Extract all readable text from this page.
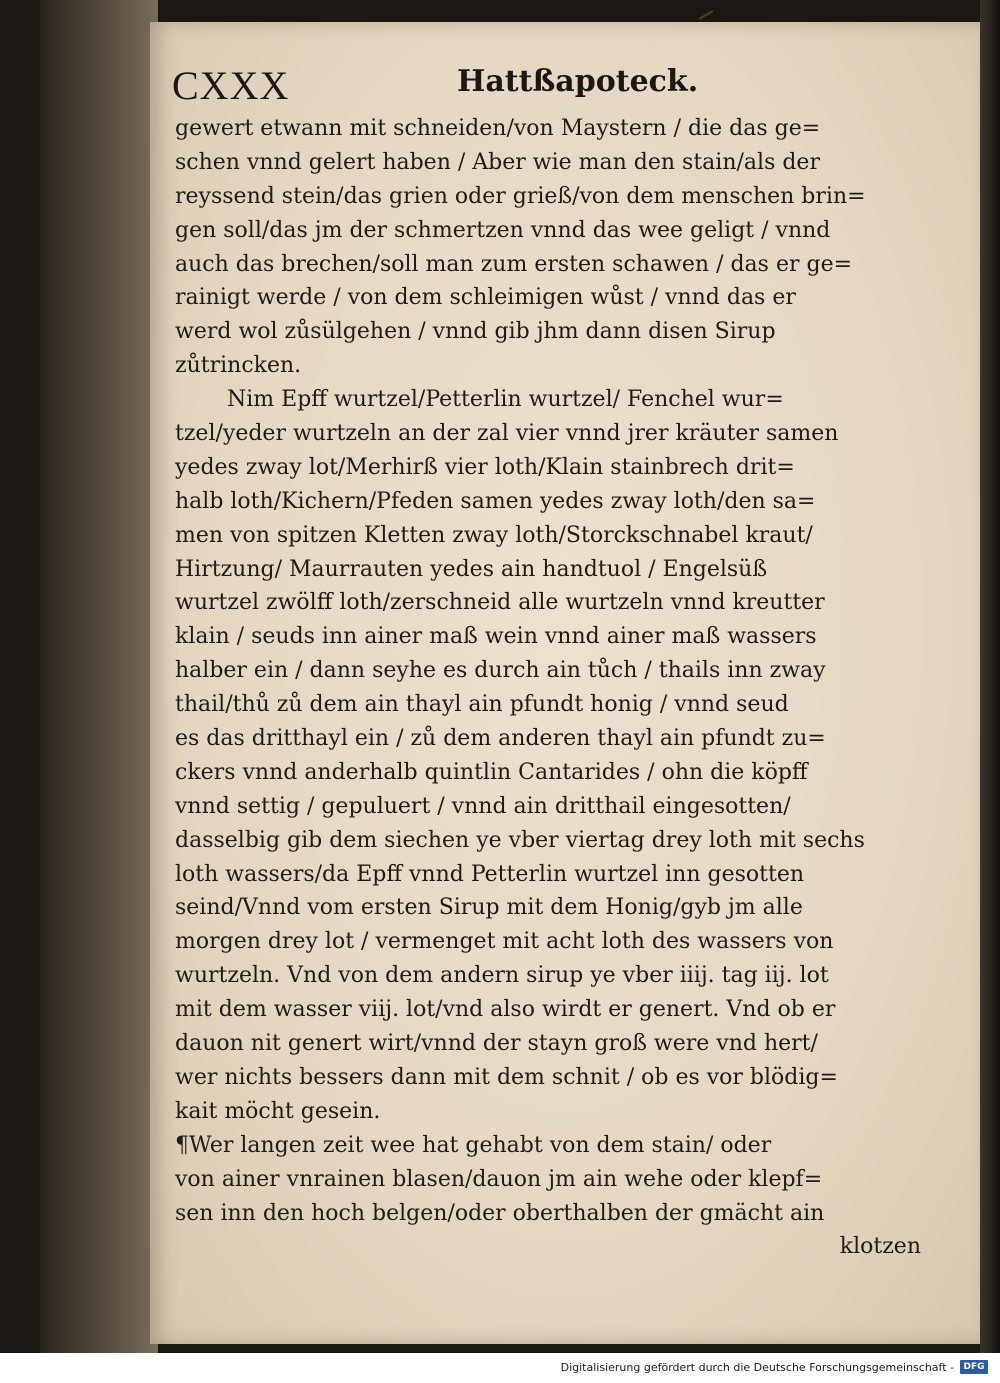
CXXX	Hattßapoteck.
gewert etwann mit schneiden/von Maystern / die das ge=
schen vnnd gelert haben / Aber wie man den stain/als der
reyssend stein/das grien oder grieß/von dem menschen brin=
gen soll/das jm der schmertzen vnnd das wee geligt / vnnd
auch das brechen/soll man zum ersten schawen / das er ge=
rainigt werde / von dem schleimigen wůst / vnnd das er
werd wol zůsülgehen / vnnd gib jhm dann disen Sirup
zůtrincken.
Nim Epff wurtzel/Petterlin wurtzel/ Fenchel wur=
tzel/yeder wurtzeln an der zal vier vnnd jrer kräuter samen
yedes zway lot/Merhirß vier loth/Klain stainbrech drit=
halb loth/Kichern/Pfeden samen yedes zway loth/den sa=
men von spitzen Kletten zway loth/Storckschnabel kraut/
Hirtzung/ Maurrauten yedes ain handtuol / Engelsüß
wurtzel zwölff loth/zerschneid alle wurtzeln vnnd kreutter
klain / seuds inn ainer maß wein vnnd ainer maß wassers
halber ein / dann seyhe es durch ain tůch / thails inn zway
thail/thů zů dem ain thayl ain pfundt honig / vnnd seud
es das dritthayl ein / zů dem anderen thayl ain pfundt zu=
ckers vnnd anderhalb quintlin Cantarides / ohn die köpff
vnnd settig / gepuluert / vnnd ain dritthail eingesotten/
dasselbig gib dem siechen ye vber viertag drey loth mit sechs
loth wassers/da Epff vnnd Petterlin wurtzel inn gesotten
seind/Vnnd vom ersten Sirup mit dem Honig/gyb jm alle
morgen drey lot / vermenget mit acht loth des wassers von
wurtzeln. Vnd von dem andern sirup ye vber iiij. tag iij. lot
mit dem wasser viij. lot/vnd also wirdt er genert. Vnd ob er
dauon nit genert wirt/vnnd der stayn groß were vnd hert/
wer nichts bessers dann mit dem schnit / ob es vor blödig=
kait möcht gesein.
¶Wer langen zeit wee hat gehabt von dem stain/ oder
von ainer vnrainen blasen/dauon jm ain wehe oder klepf=
sen inn den hoch belgen/oder oberthalben der gmächt ain
klotzen
Digitalisierung gefördert durch die Deutsche Forschungsgemeinschaft -	DFG
